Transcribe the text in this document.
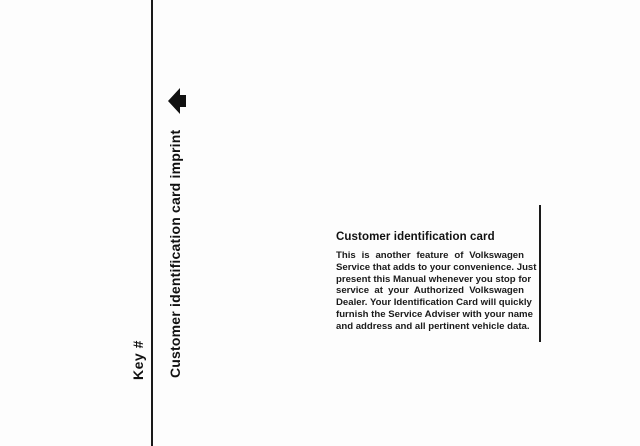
Key # Customer identification card imprint	Customer identification card
This is another feature of Volkswagen
Service that adds to your convenience. Just
present this Manual whenever you stop for
service at your Authorized Volkswagen
Dealer. Your Identification Card will quickly
furnish the Service Adviser with your name
and address and all pertinent vehicle data.
